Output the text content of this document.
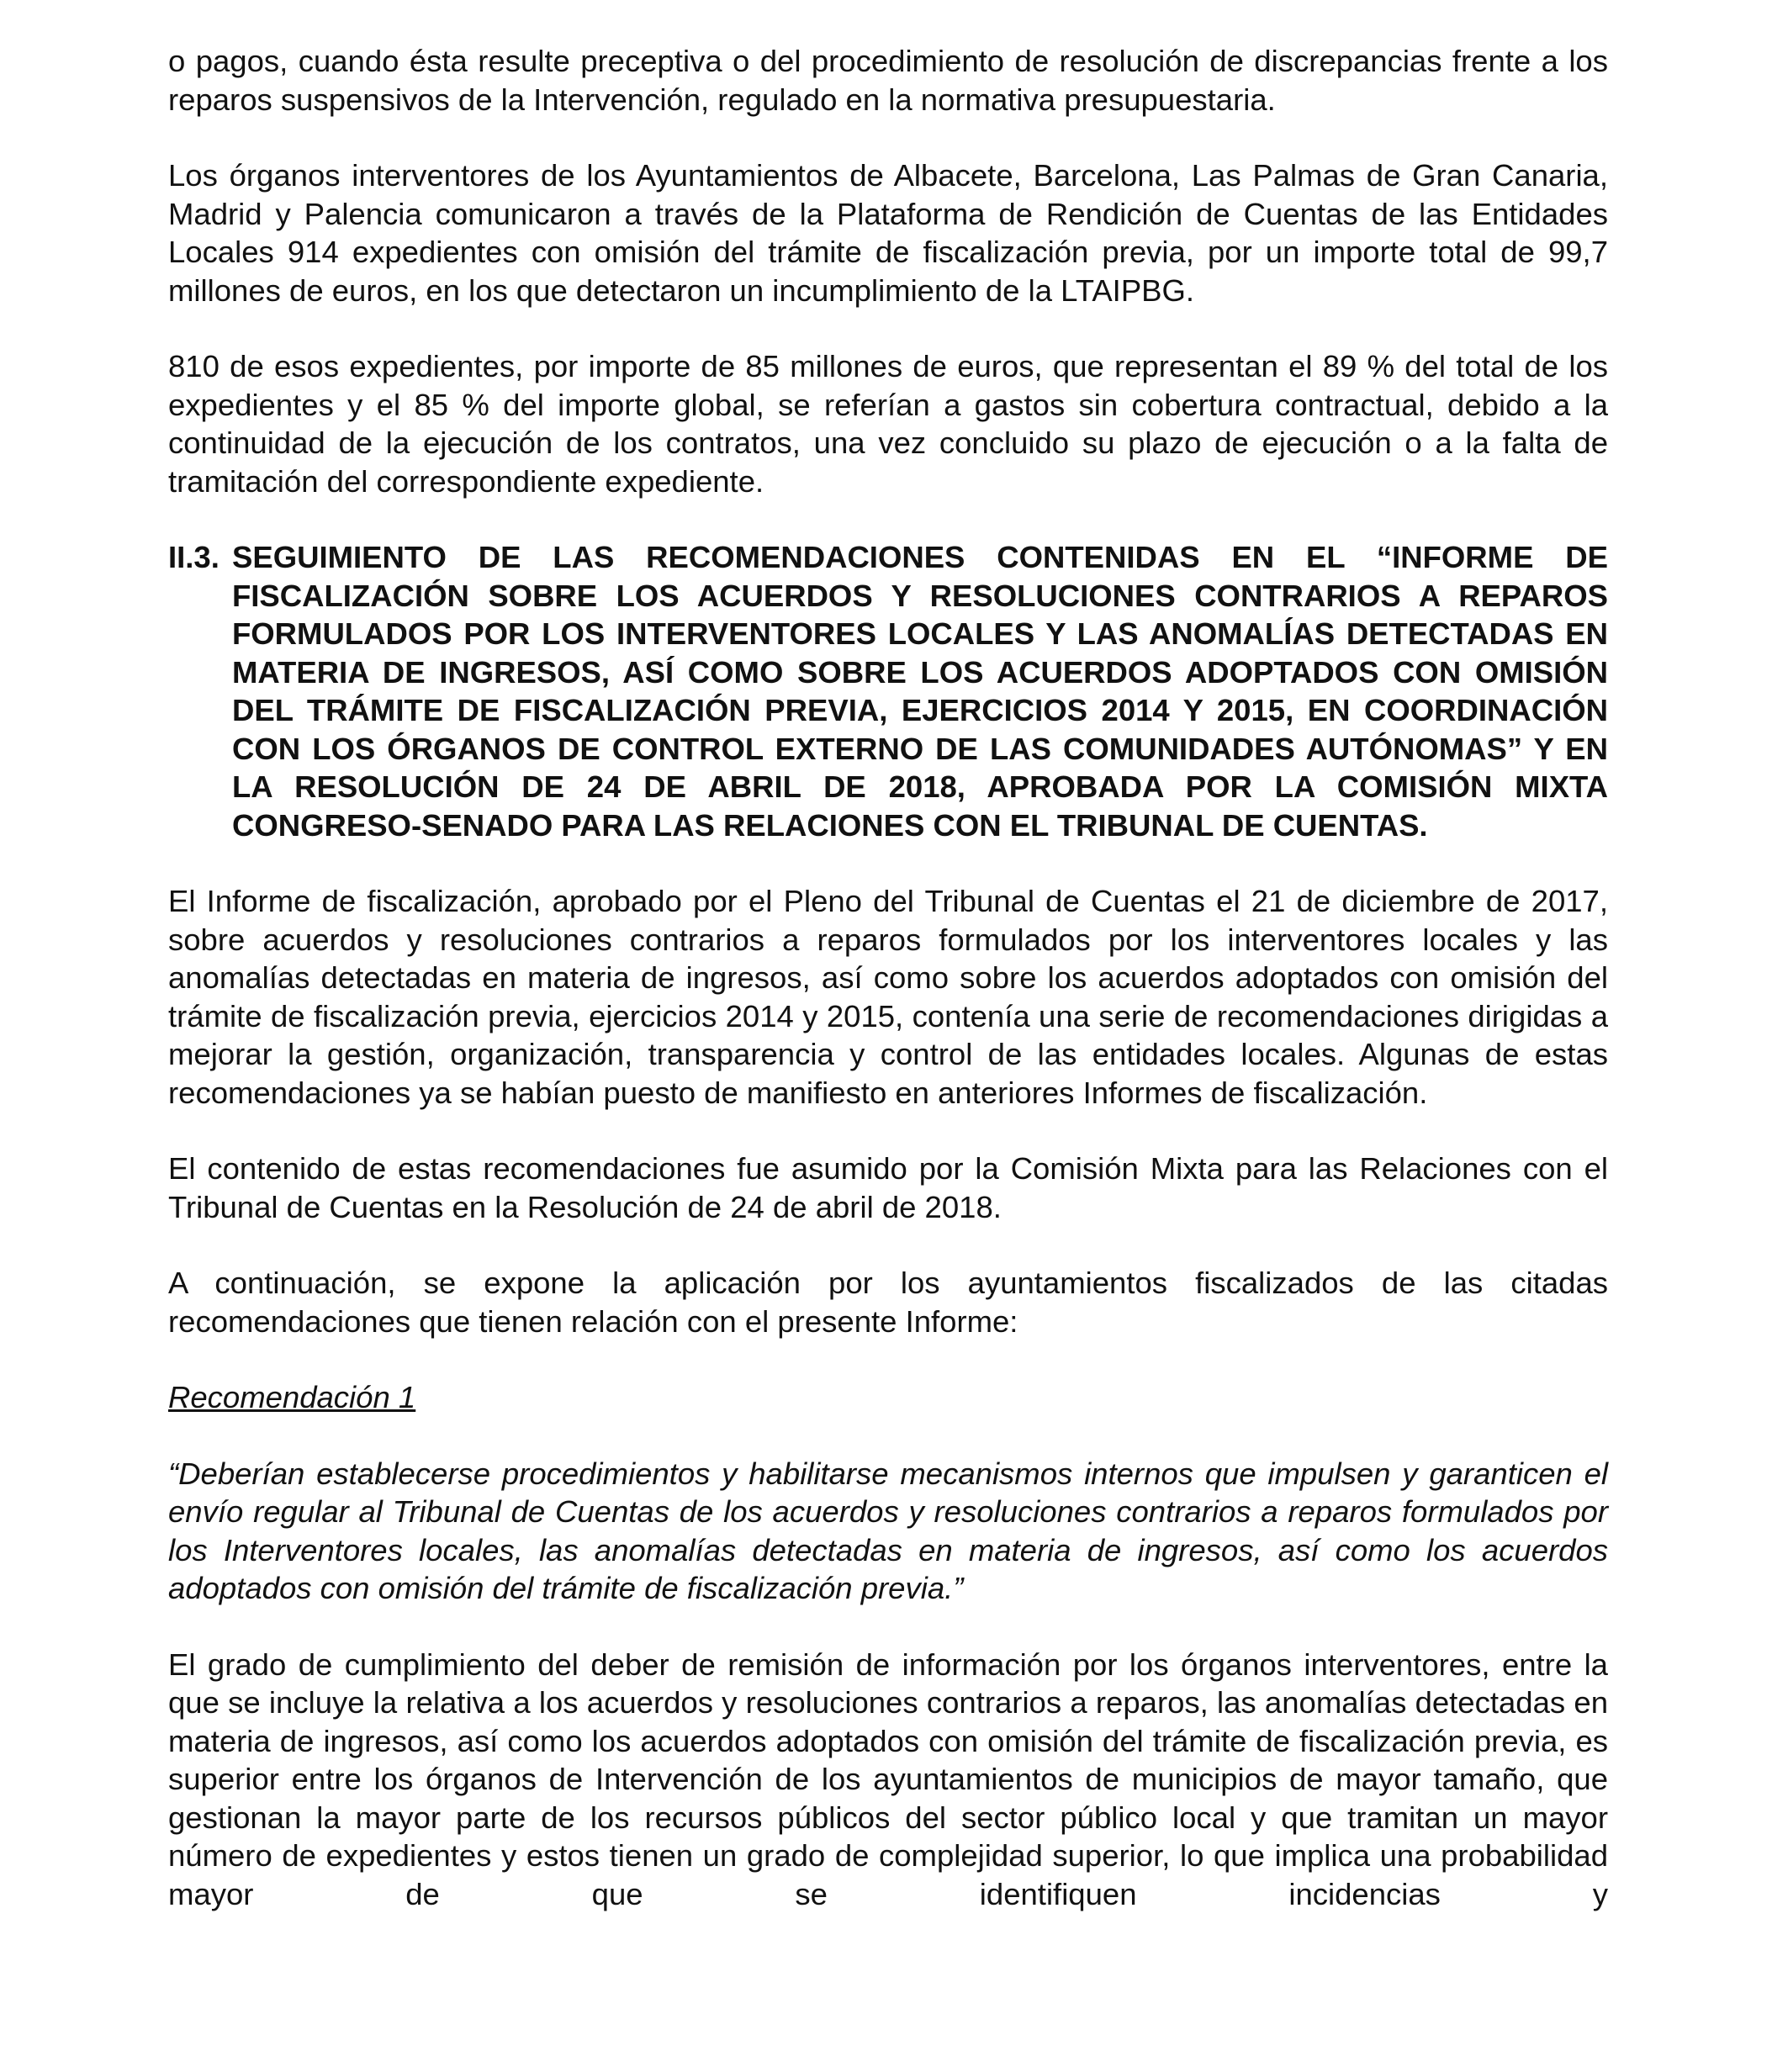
o pagos, cuando ésta resulte preceptiva o del procedimiento de resolución de discrepancias frente a los reparos suspensivos de la Intervención, regulado en la normativa presupuestaria.

Los órganos interventores de los Ayuntamientos de Albacete, Barcelona, Las Palmas de Gran Canaria, Madrid y Palencia comunicaron a través de la Plataforma de Rendición de Cuentas de las Entidades Locales 914 expedientes con omisión del trámite de fiscalización previa, por un importe total de 99,7 millones de euros, en los que detectaron un incumplimiento de la LTAIPBG.

810 de esos expedientes, por importe de 85 millones de euros, que representan el 89 % del total de los expedientes y el 85 % del importe global, se referían a gastos sin cobertura contractual, debido a la continuidad de la ejecución de los contratos, una vez concluido su plazo de ejecución o a la falta de tramitación del correspondiente expediente.

II.3. SEGUIMIENTO DE LAS RECOMENDACIONES CONTENIDAS EN EL “INFORME DE FISCALIZACIÓN SOBRE LOS ACUERDOS Y RESOLUCIONES CONTRARIOS A REPAROS FORMULADOS POR LOS INTERVENTORES LOCALES Y LAS ANOMALÍAS DETECTADAS EN MATERIA DE INGRESOS, ASÍ COMO SOBRE LOS ACUERDOS ADOPTADOS CON OMISIÓN DEL TRÁMITE DE FISCALIZACIÓN PREVIA, EJERCICIOS 2014 Y 2015, EN COORDINACIÓN CON LOS ÓRGANOS DE CONTROL EXTERNO DE LAS COMUNIDADES AUTÓNOMAS” Y EN LA RESOLUCIÓN DE 24 DE ABRIL DE 2018, APROBADA POR LA COMISIÓN MIXTA CONGRESO-SENADO PARA LAS RELACIONES CON EL TRIBUNAL DE CUENTAS.

El Informe de fiscalización, aprobado por el Pleno del Tribunal de Cuentas el 21 de diciembre de 2017, sobre acuerdos y resoluciones contrarios a reparos formulados por los interventores locales y las anomalías detectadas en materia de ingresos, así como sobre los acuerdos adoptados con omisión del trámite de fiscalización previa, ejercicios 2014 y 2015, contenía una serie de recomendaciones dirigidas a mejorar la gestión, organización, transparencia y control de las entidades locales. Algunas de estas recomendaciones ya se habían puesto de manifiesto en anteriores Informes de fiscalización.

El contenido de estas recomendaciones fue asumido por la Comisión Mixta para las Relaciones con el Tribunal de Cuentas en la Resolución de 24 de abril de 2018.

A continuación, se expone la aplicación por los ayuntamientos fiscalizados de las citadas recomendaciones que tienen relación con el presente Informe:

Recomendación 1

“Deberían establecerse procedimientos y habilitarse mecanismos internos que impulsen y garanticen el envío regular al Tribunal de Cuentas de los acuerdos y resoluciones contrarios a reparos formulados por los Interventores locales, las anomalías detectadas en materia de ingresos, así como los acuerdos adoptados con omisión del trámite de fiscalización previa.”

El grado de cumplimiento del deber de remisión de información por los órganos interventores, entre la que se incluye la relativa a los acuerdos y resoluciones contrarios a reparos, las anomalías detectadas en materia de ingresos, así como los acuerdos adoptados con omisión del trámite de fiscalización previa, es superior entre los órganos de Intervención de los ayuntamientos de municipios de mayor tamaño, que gestionan la mayor parte de los recursos públicos del sector público local y que tramitan un mayor número de expedientes y estos tienen un grado de complejidad superior, lo que implica una probabilidad mayor de que se identifiquen incidencias y
